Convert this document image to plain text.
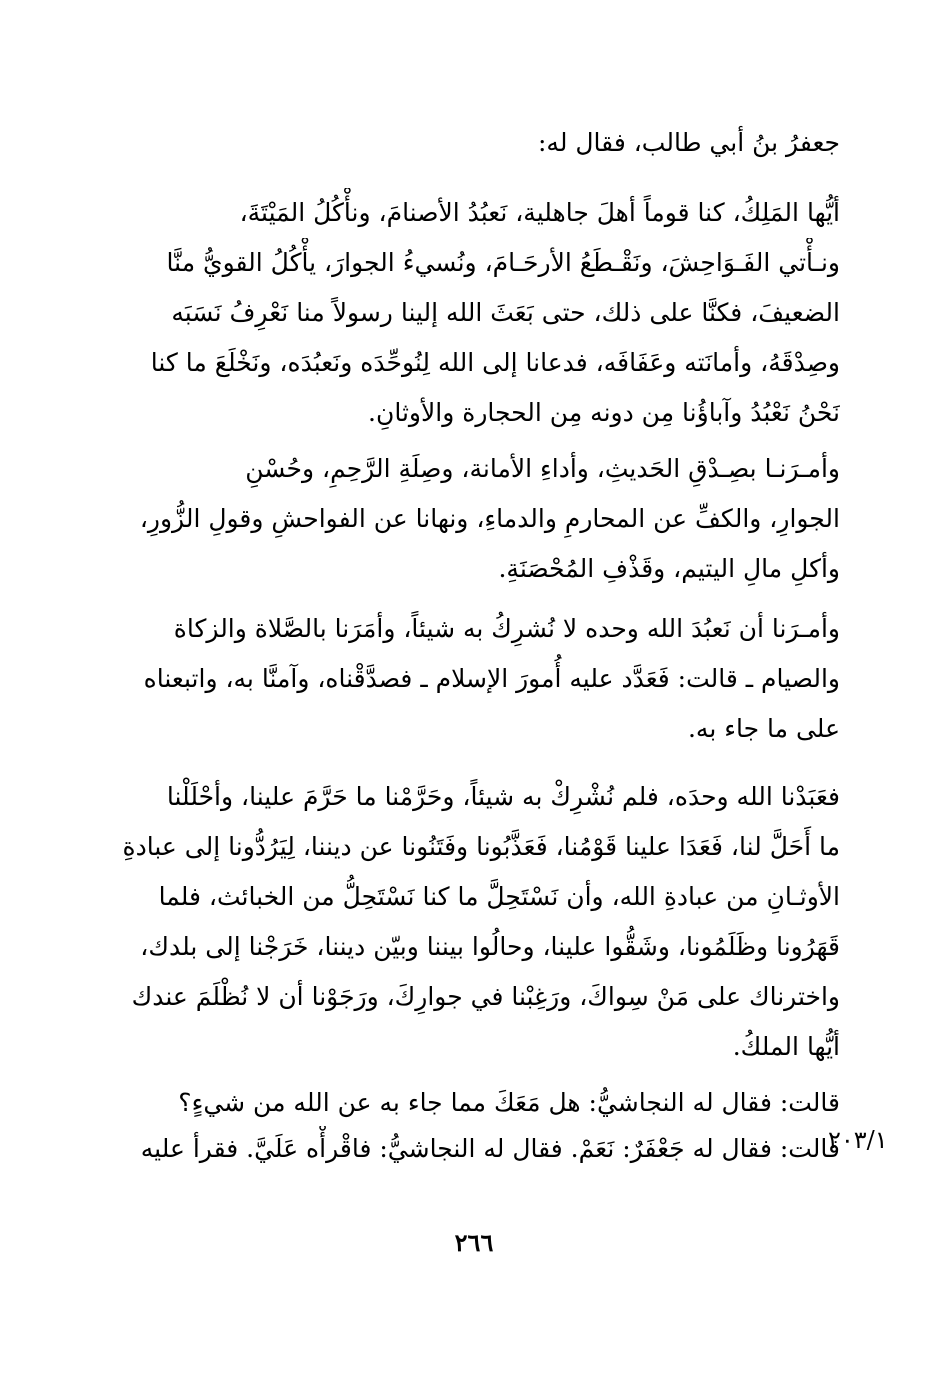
جعفرُ بنُ أبي طالب، فقال له:
أيُّها المَلِكُ، كنا قوماً أهلَ جاهلية، نَعبُدُ الأصنامَ، ونأْكُلُ المَيْتَةَ،
ونـأْتي الفَـوَاحِشَ، ونَقْـطَعُ الأرحَـامَ، ونُسيءُ الجوارَ، يأْكُلُ القويُّ منَّا
الضعيفَ، فكنَّا على ذلك، حتى بَعَثَ الله إلينا رسولاً منا نَعْرِفُ نَسَبَه
وصِدْقَهُ، وأمانَته وعَفَافَه، فدعانا إلى الله لِنُوحِّدَه ونَعبُدَه، ونَخْلَعَ ما كنا
نَحْنُ نَعْبُدُ وآباؤُنا مِن دونه مِن الحجارة والأوثانِ.
وأمـرَنـا بصِـدْقِ الحَديثِ، وأداءِ الأمانة، وصِلَةِ الرَّحِمِ، وحُسْنِ
الجوارِ، والكفِّ عن المحارمِ والدماءِ، ونهانا عن الفواحشِ وقولِ الزُّورِ،
وأكلِ مالِ اليتيم، وقَذْفِ المُحْصَنَةِ.
وأمـرَنا أن نَعبُدَ الله وحده لا نُشرِكُ به شيئاً، وأمَرَنا بالصَّلاة والزكاة
والصيام ـ قالت: فَعَدَّد عليه أُمورَ الإسلام ـ فصدَّقْناه، وآمنَّا به، واتبعناه
على ما جاء به.
فعَبَدْنا الله وحدَه، فلم نُشْرِكْ به شيئاً، وحَرَّمْنا ما حَرَّمَ علينا، وأحْلَلْنا
ما أَحَلَّ لنا، فَعَدَا علينا قَوْمُنا، فَعَذَّبُونا وفَتَنُونا عن ديننا، لِيَرُدُّونا إلى عبادةِ
الأوثـانِ من عبادةِ الله، وأن نَسْتَحِلَّ ما كنا نَسْتَحِلُّ من الخبائث، فلما
قَهَرُونا وظَلَمُونا، وشَقُّوا علينا، وحالُوا بيننا وبيّن ديننا، خَرَجْنا إلى بلدك،
واخترناك على مَنْ سِواكَ، ورَغِبْنا في جوارِكَ، ورَجَوْنا أن لا نُظْلَمَ عندك
أيُّها الملكُ.
قالت: فقال له النجاشيُّ: هل مَعَكَ مما جاء به عن الله من شيءٍ؟
قالت: فقال له جَعْفَرٌ: نَعَمْ. فقال له النجاشيُّ: فاقْرأْه عَلَيَّ. فقرأ عليه
٢٠٣/١
٢٦٦
